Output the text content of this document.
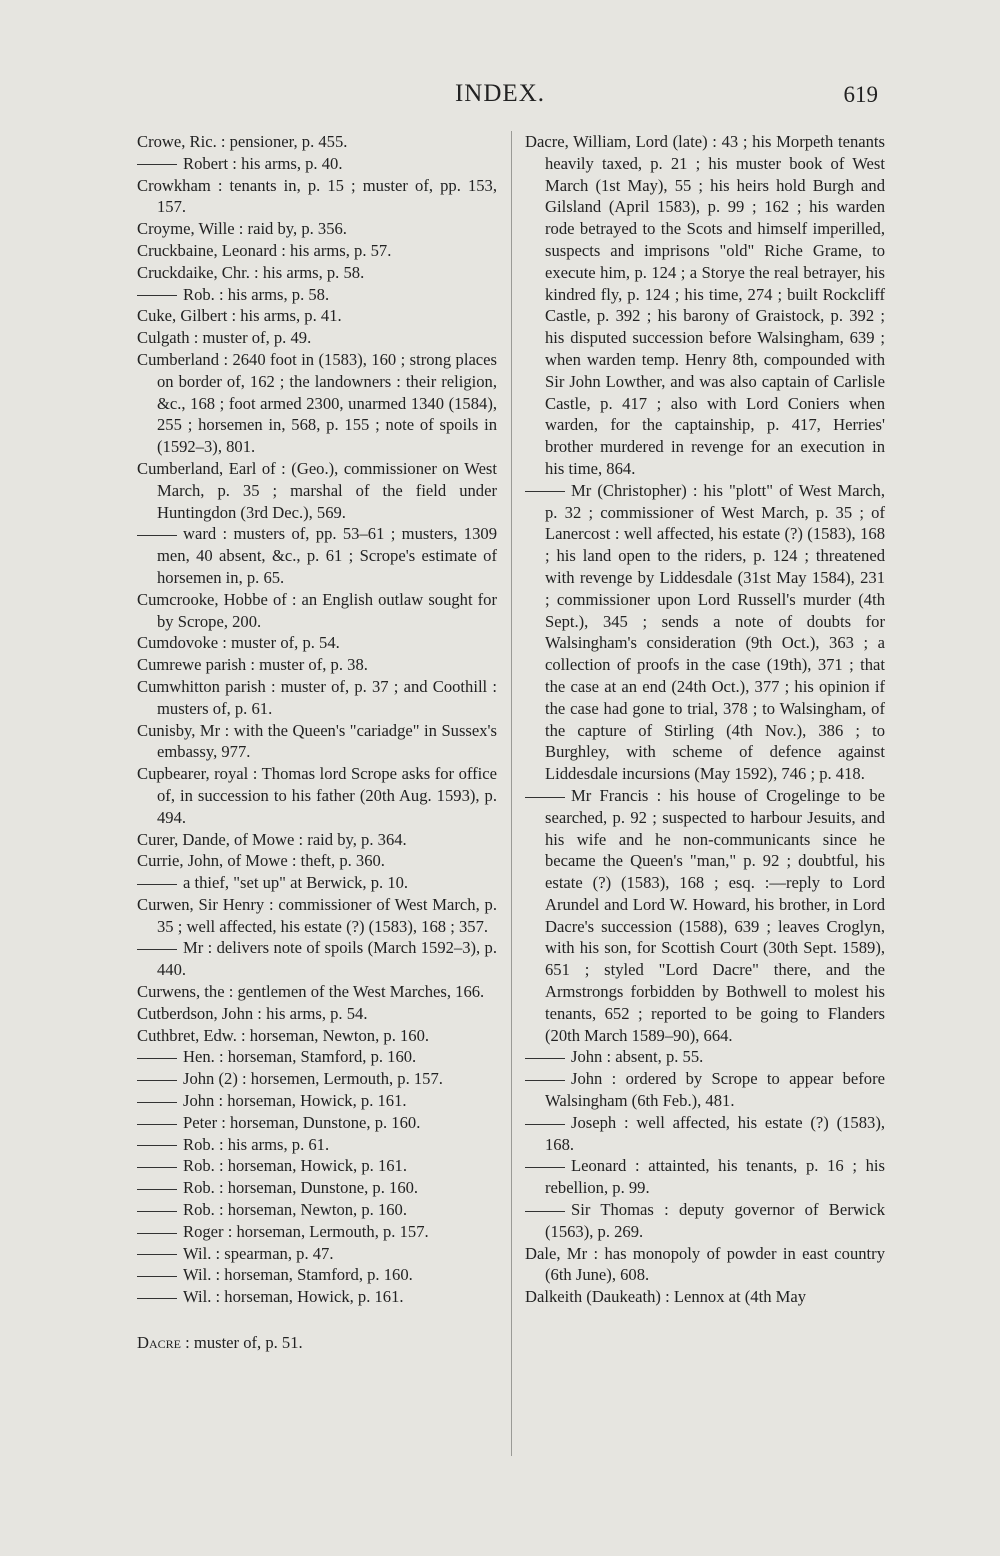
INDEX.	619
Crowe, Ric. : pensioner, p. 455.
Robert : his arms, p. 40.
Crowkham : tenants in, p. 15 ; muster of, pp. 153, 157.
Croyme, Wille : raid by, p. 356.
Cruckbaine, Leonard : his arms, p. 57.
Cruckdaike, Chr. : his arms, p. 58.
Rob. : his arms, p. 58.
Cuke, Gilbert : his arms, p. 41.
Culgath : muster of, p. 49.
Cumberland : 2640 foot in (1583), 160 ; strong places on border of, 162 ; the landowners : their religion, &c., 168 ; foot armed 2300, unarmed 1340 (1584), 255 ; horsemen in, 568, p. 155 ; note of spoils in (1592–3), 801.
Cumberland, Earl of : (Geo.), commissioner on West March, p. 35 ; marshal of the field under Huntingdon (3rd Dec.), 569.
ward : musters of, pp. 53–61 ; musters, 1309 men, 40 absent, &c., p. 61 ; Scrope's estimate of horsemen in, p. 65.
Cumcrooke, Hobbe of : an English outlaw sought for by Scrope, 200.
Cumdovoke : muster of, p. 54.
Cumrewe parish : muster of, p. 38.
Cumwhitton parish : muster of, p. 37 ; and Coothill : musters of, p. 61.
Cunisby, Mr : with the Queen's "cariadge" in Sussex's embassy, 977.
Cupbearer, royal : Thomas lord Scrope asks for office of, in succession to his father (20th Aug. 1593), p. 494.
Curer, Dande, of Mowe : raid by, p. 364.
Currie, John, of Mowe : theft, p. 360.
a thief, "set up" at Berwick, p. 10.
Curwen, Sir Henry : commissioner of West March, p. 35 ; well affected, his estate (?) (1583), 168 ; 357.
Mr : delivers note of spoils (March 1592–3), p. 440.
Curwens, the : gentlemen of the West Marches, 166.
Cutberdson, John : his arms, p. 54.
Cuthbret, Edw. : horseman, Newton, p. 160.
Hen. : horseman, Stamford, p. 160.
John (2) : horsemen, Lermouth, p. 157.
John : horseman, Howick, p. 161.
Peter : horseman, Dunstone, p. 160.
Rob. : his arms, p. 61.
Rob. : horseman, Howick, p. 161.
Rob. : horseman, Dunstone, p. 160.
Rob. : horseman, Newton, p. 160.
Roger : horseman, Lermouth, p. 157.
Wil. : spearman, p. 47.
Wil. : horseman, Stamford, p. 160.
Wil. : horseman, Howick, p. 161.
Dacre : muster of, p. 51.
Dacre, William, Lord (late) : 43 ; his Morpeth tenants heavily taxed, p. 21 ; his muster book of West March (1st May), 55 ; his heirs hold Burgh and Gilsland (April 1583), p. 99 ; 162 ; his warden rode betrayed to the Scots and himself imperilled, suspects and imprisons "old" Riche Grame, to execute him, p. 124 ; a Storye the real betrayer, his kindred fly, p. 124 ; his time, 274 ; built Rockcliff Castle, p. 392 ; his barony of Graistock, p. 392 ; his disputed succession before Walsingham, 639 ; when warden temp. Henry 8th, compounded with Sir John Lowther, and was also captain of Carlisle Castle, p. 417 ; also with Lord Coniers when warden, for the captainship, p. 417, Herries' brother murdered in revenge for an execution in his time, 864.
Mr (Christopher) : his "plott" of West March, p. 32 ; commissioner of West March, p. 35 ; of Lanercost : well affected, his estate (?) (1583), 168 ; his land open to the riders, p. 124 ; threatened with revenge by Liddesdale (31st May 1584), 231 ; commissioner upon Lord Russell's murder (4th Sept.), 345 ; sends a note of doubts for Walsingham's consideration (9th Oct.), 363 ; a collection of proofs in the case (19th), 371 ; that the case at an end (24th Oct.), 377 ; his opinion if the case had gone to trial, 378 ; to Walsingham, of the capture of Stirling (4th Nov.), 386 ; to Burghley, with scheme of defence against Liddesdale incursions (May 1592), 746 ; p. 418.
Mr Francis : his house of Crogelinge to be searched, p. 92 ; suspected to harbour Jesuits, and his wife and he non-communicants since he became the Queen's "man," p. 92 ; doubtful, his estate (?) (1583), 168 ; esq. :—reply to Lord Arundel and Lord W. Howard, his brother, in Lord Dacre's succession (1588), 639 ; leaves Croglyn, with his son, for Scottish Court (30th Sept. 1589), 651 ; styled "Lord Dacre" there, and the Armstrongs forbidden by Bothwell to molest his tenants, 652 ; reported to be going to Flanders (20th March 1589–90), 664.
John : absent, p. 55.
John : ordered by Scrope to appear before Walsingham (6th Feb.), 481.
Joseph : well affected, his estate (?) (1583), 168.
Leonard : attainted, his tenants, p. 16 ; his rebellion, p. 99.
Sir Thomas : deputy governor of Berwick (1563), p. 269.
Dale, Mr : has monopoly of powder in east country (6th June), 608.
Dalkeith (Daukeath) : Lennox at (4th May
